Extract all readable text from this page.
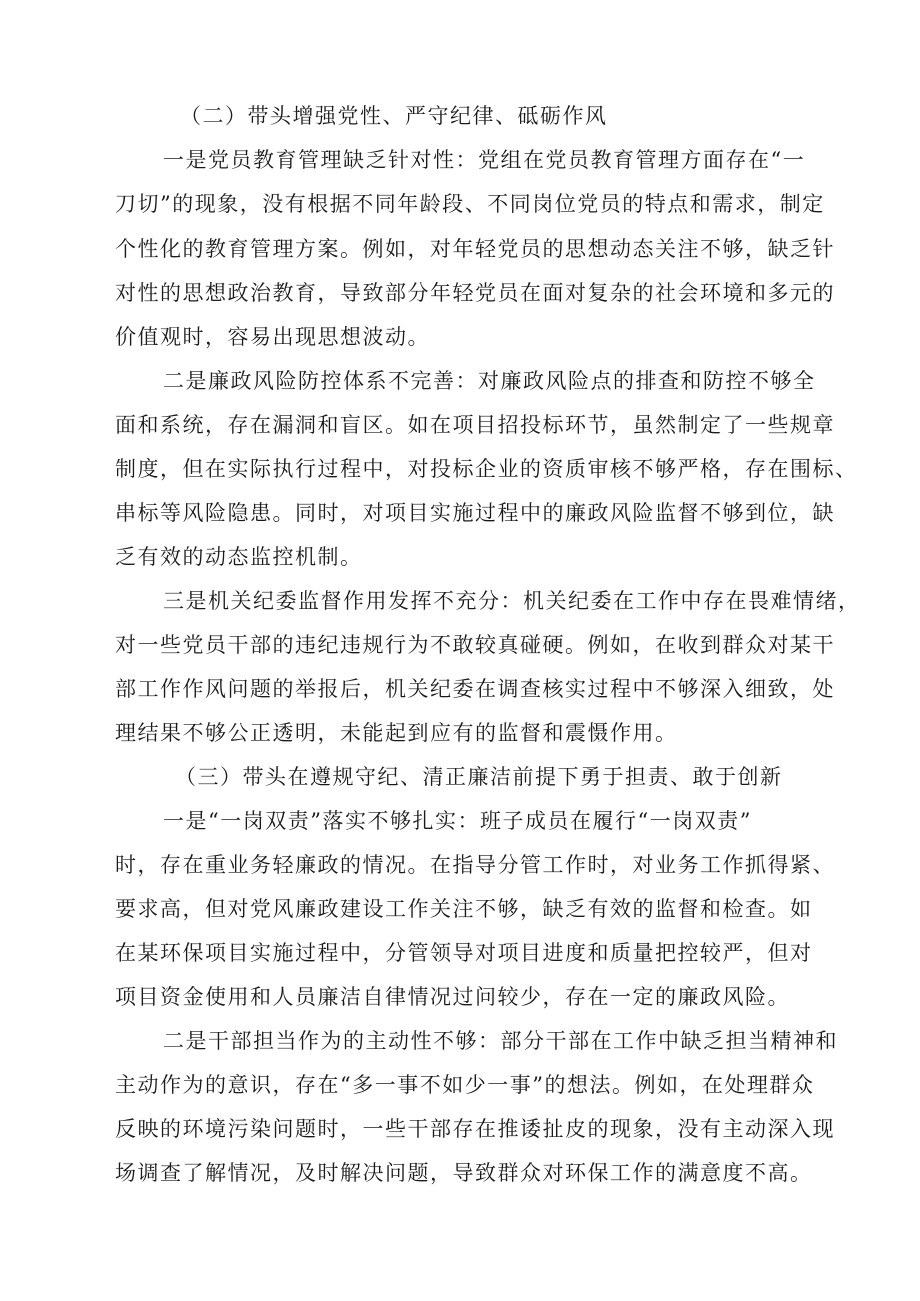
（二）带头增强党性、严守纪律、砥砺作风
一是党员教育管理缺乏针对性：党组在党员教育管理方面存在“一
刀切”的现象，没有根据不同年龄段、不同岗位党员的特点和需求，制定
个性化的教育管理方案。例如，对年轻党员的思想动态关注不够，缺乏针
对性的思想政治教育，导致部分年轻党员在面对复杂的社会环境和多元的
价值观时，容易出现思想波动。
二是廉政风险防控体系不完善：对廉政风险点的排查和防控不够全
面和系统，存在漏洞和盲区。如在项目招投标环节，虽然制定了一些规章
制度，但在实际执行过程中，对投标企业的资质审核不够严格，存在围标、
串标等风险隐患。同时，对项目实施过程中的廉政风险监督不够到位，缺
乏有效的动态监控机制。
三是机关纪委监督作用发挥不充分：机关纪委在工作中存在畏难情绪，
对一些党员干部的违纪违规行为不敢较真碰硬。例如，在收到群众对某干
部工作作风问题的举报后，机关纪委在调查核实过程中不够深入细致，处
理结果不够公正透明，未能起到应有的监督和震慑作用。
（三）带头在遵规守纪、清正廉洁前提下勇于担责、敢于创新
一是“一岗双责”落实不够扎实：班子成员在履行“一岗双责”
时，存在重业务轻廉政的情况。在指导分管工作时，对业务工作抓得紧、
要求高，但对党风廉政建设工作关注不够，缺乏有效的监督和检查。如
在某环保项目实施过程中，分管领导对项目进度和质量把控较严，但对
项目资金使用和人员廉洁自律情况过问较少，存在一定的廉政风险。
二是干部担当作为的主动性不够：部分干部在工作中缺乏担当精神和
主动作为的意识，存在“多一事不如少一事”的想法。例如，在处理群众
反映的环境污染问题时，一些干部存在推诿扯皮的现象，没有主动深入现
场调查了解情况，及时解决问题，导致群众对环保工作的满意度不高。
